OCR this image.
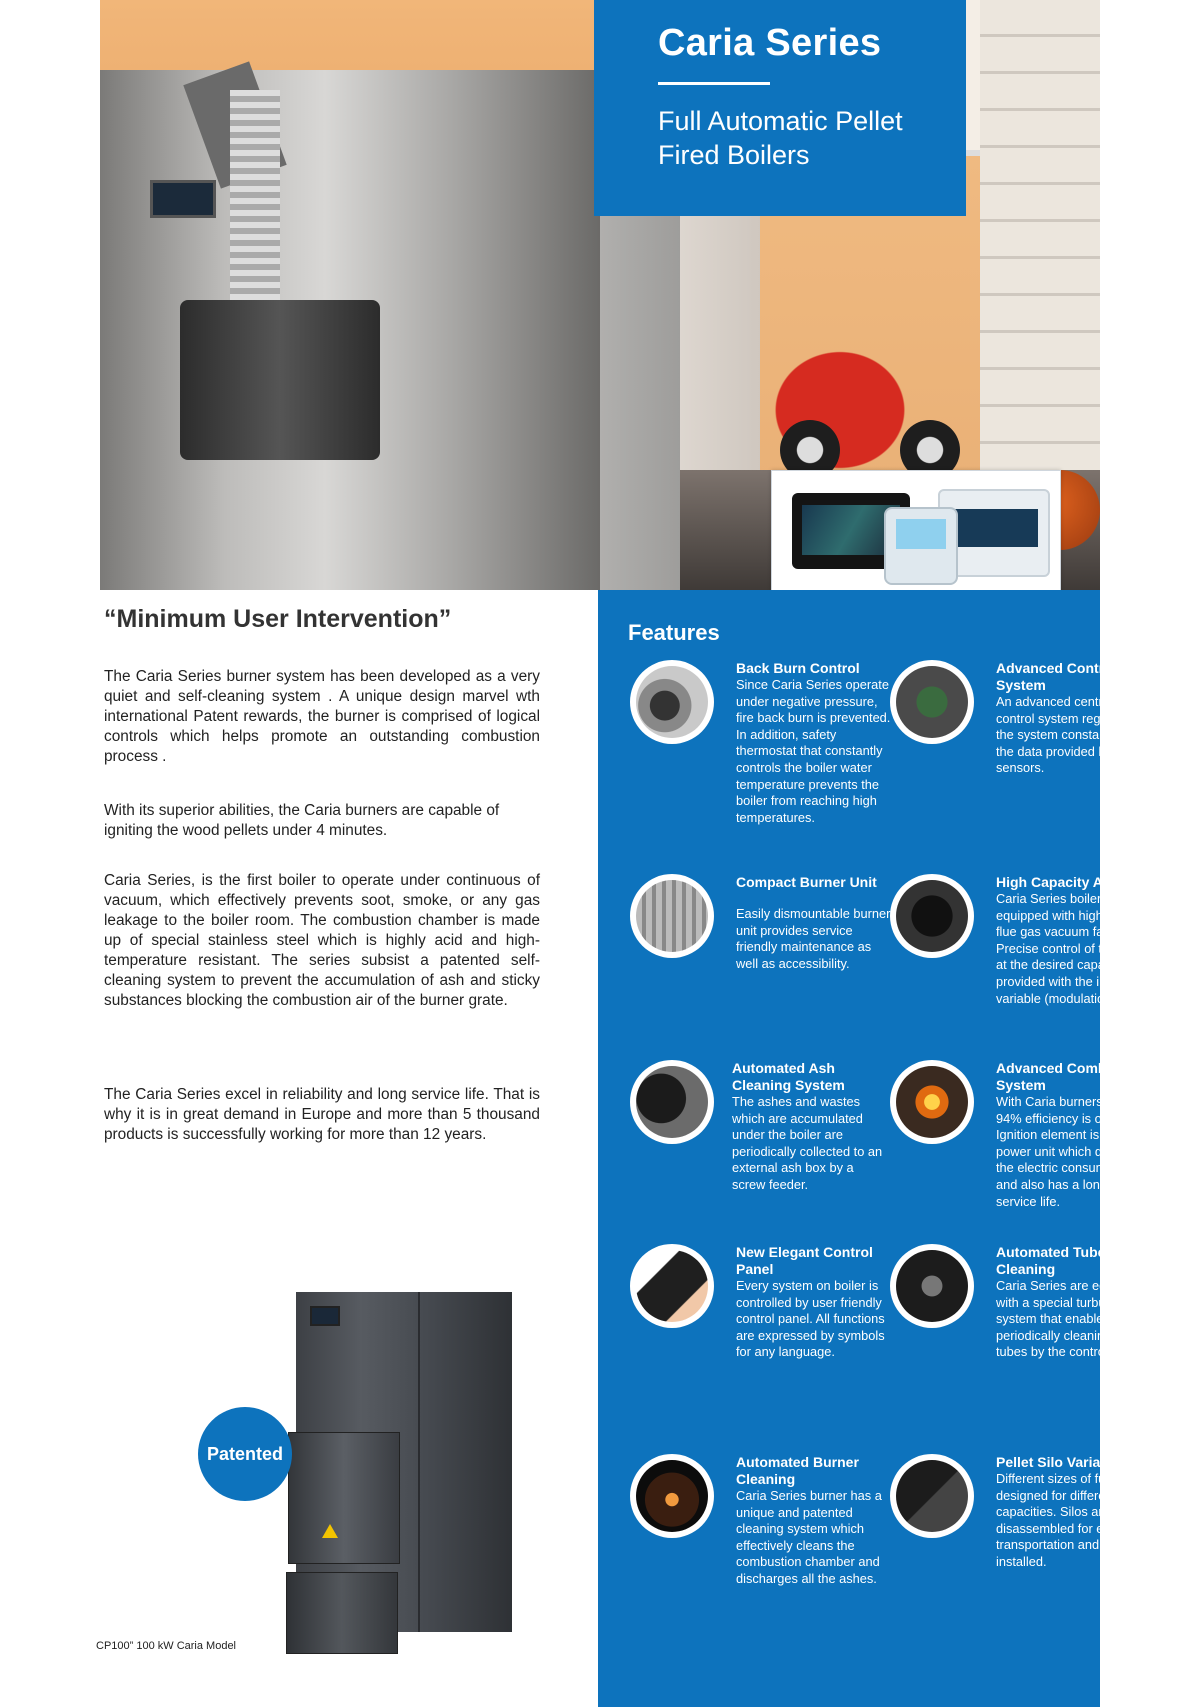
Caria Series
Full Automatic Pellet Fired Boilers
“Minimum User Intervention”
The Caria Series burner system has been developed as a very quiet and self-cleaning system . A unique design marvel wth international Patent rewards, the burner is comprised of logical controls which helps promote an outstanding combustion process .
With its superior abilities, the Caria burners are capable of igniting the wood pellets under 4 minutes.
Caria Series, is the first boiler to operate under continuous of vacuum, which effectively prevents soot, smoke, or any gas leakage to the boiler room. The combustion chamber is made up of special stainless steel which is highly acid and high-temperature resistant. The series subsist a patented self-cleaning system to prevent the accumulation of ash and sticky substances blocking the combustion air of the burner grate.
The Caria Series excel in reliability and long service life. That is why it is in great demand in Europe and more than 5 thousand products is successfully working for more than 12 years.
Patented
CP100” 100 kW Caria Model
Features
Back Burn Control
Since Caria Series operate under negative pressure, fire back burn is prevented. In addition, safety thermostat that constantly controls the boiler water temperature prevents the boiler from reaching high temperatures.
Advanced Control System
An advanced central control system regulates the system constantly with the data provided by sensors.
Compact Burner Unit
Easily dismountable burner unit provides service friendly maintenance as well as accessibility.
High Capacity Air Feed
Caria Series boilers are equipped with high capacity flue gas vacuum fans. Precise control of the boiler at the desired capacity is provided with the infinitely variable (modulation) fan.
Automated Ash Cleaning System
The ashes and wastes which are accumulated under the boiler are periodically collected to an external ash box by a screw feeder.
Advanced Combustion System
With Caria burners, up to 94% efficiency is obtained. Ignition element is a low power unit which decreases the electric consumption and also has a longer service life.
New Elegant Control Panel
Every system on boiler is controlled by user friendly control panel. All functions are expressed by symbols for any language.
Automated Tube Cleaning
Caria Series are equipped with a special turbulator system that enables periodically cleaning of tubes by the control panel.
Automated Burner Cleaning
Caria Series burner has a unique and patented cleaning system which effectively cleans the combustion chamber and discharges all the ashes.
Pellet Silo Variations
Different sizes of fuel silos designed for different boiler capacities. Silos are sent disassembled for ease of transportation and easily installed.
